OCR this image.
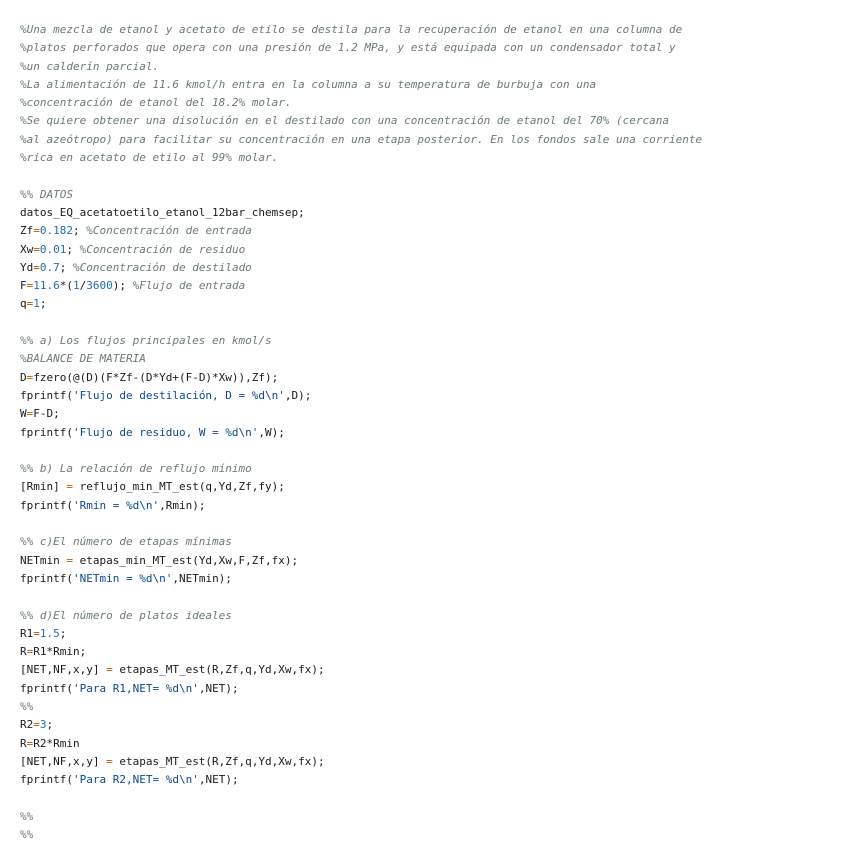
%Una mezcla de etanol y acetato de etilo se destila para la recuperación de etanol en una columna de
%platos perforados que opera con una presión de 1.2 MPa, y está equipada con un condensador total y
%un calderín parcial.
%La alimentación de 11.6 kmol/h entra en la columna a su temperatura de burbuja con una
%concentración de etanol del 18.2% molar.
%Se quiere obtener una disolución en el destilado con una concentración de etanol del 70% (cercana
%al azeótropo) para facilitar su concentración en una etapa posterior. En los fondos sale una corriente
%rica en acetato de etilo al 99% molar.
%% DATOS
datos_EQ_acetatoetilo_etanol_12bar_chemsep;
Zf=0.182; %Concentración de entrada
Xw=0.01; %Concentración de residuo
Yd=0.7; %Concentración de destilado
F=11.6*(1/3600); %Flujo de entrada
q=1;
%% a) Los flujos principales en kmol/s
%BALANCE DE MATERIA
D=fzero(@(D)(F*Zf-(D*Yd+(F-D)*Xw)),Zf);
fprintf('Flujo de destilación, D = %d\n',D);
W=F-D;
fprintf('Flujo de residuo, W = %d\n',W);
%% b) La relación de reflujo mínimo
[Rmin] = reflujo_min_MT_est(q,Yd,Zf,fy);
fprintf('Rmin = %d\n',Rmin);
%% c)El número de etapas mínimas
NETmin = etapas_min_MT_est(Yd,Xw,F,Zf,fx);
fprintf('NETmin = %d\n',NETmin);
%% d)El número de platos ideales
R1=1.5;
R=R1*Rmin;
[NET,NF,x,y] = etapas_MT_est(R,Zf,q,Yd,Xw,fx);
fprintf('Para R1,NET= %d\n',NET);
%%
R2=3;
R=R2*Rmin
[NET,NF,x,y] = etapas_MT_est(R,Zf,q,Yd,Xw,fx);
fprintf('Para R2,NET= %d\n',NET);
%%
%%
